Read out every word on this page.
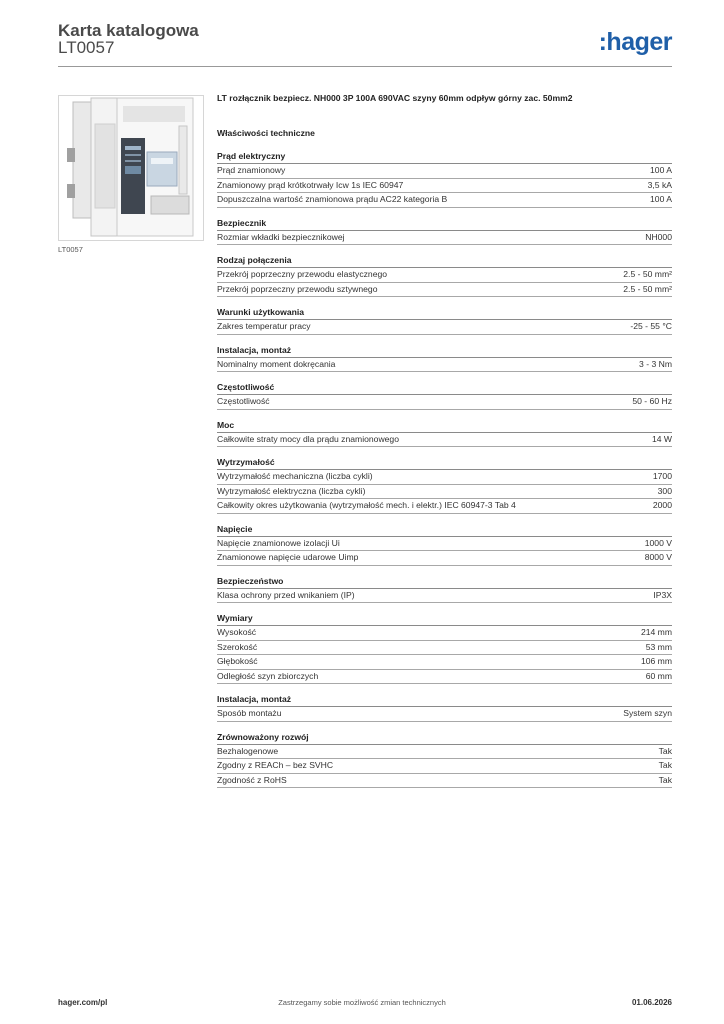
Karta katalogowa
LT0057	:hager
LT0057
LT rozłącznik bezpiecz. NH000 3P 100A 690VAC szyny 60mm odpływ górny zac. 50mm2
Właściwości techniczne
Prąd elektryczny
Prąd znamionowy	100 A
Znamionowy prąd krótkotrwały Icw 1s IEC 60947	3,5 kA
Dopuszczalna wartość znamionowa prądu AC22 kategoria B	100 A
Bezpiecznik
Rozmiar wkładki bezpiecznikowej	NH000
Rodzaj połączenia
Przekrój poprzeczny przewodu elastycznego	2.5 - 50 mm²
Przekrój poprzeczny przewodu sztywnego	2.5 - 50 mm²
Warunki użytkowania
Zakres temperatur pracy	-25 - 55 °C
Instalacja, montaż
Nominalny moment dokręcania	3 - 3 Nm
Częstotliwość
Częstotliwość	50 - 60 Hz
Moc
Całkowite straty mocy dla prądu znamionowego	14 W
Wytrzymałość
Wytrzymałość mechaniczna (liczba cykli)	1700
Wytrzymałość elektryczna (liczba cykli)	300
Całkowity okres użytkowania (wytrzymałość mech. i elektr.) IEC 60947-3 Tab 4	2000
Napięcie
Napięcie znamionowe izolacji Ui	1000 V
Znamionowe napięcie udarowe Uimp	8000 V
Bezpieczeństwo
Klasa ochrony przed wnikaniem (IP)	IP3X
Wymiary
Wysokość	214 mm
Szerokość	53 mm
Głębokość	106 mm
Odległość szyn zbiorczych	60 mm
Instalacja, montaż
Sposób montażu	System szyn
Zrównoważony rozwój
Bezhalogenowe	Tak
Zgodny z REACh – bez SVHC	Tak
Zgodność z RoHS	Tak
hager.com/pl	Zastrzegamy sobie możliwość zmian technicznych	01.06.2026
